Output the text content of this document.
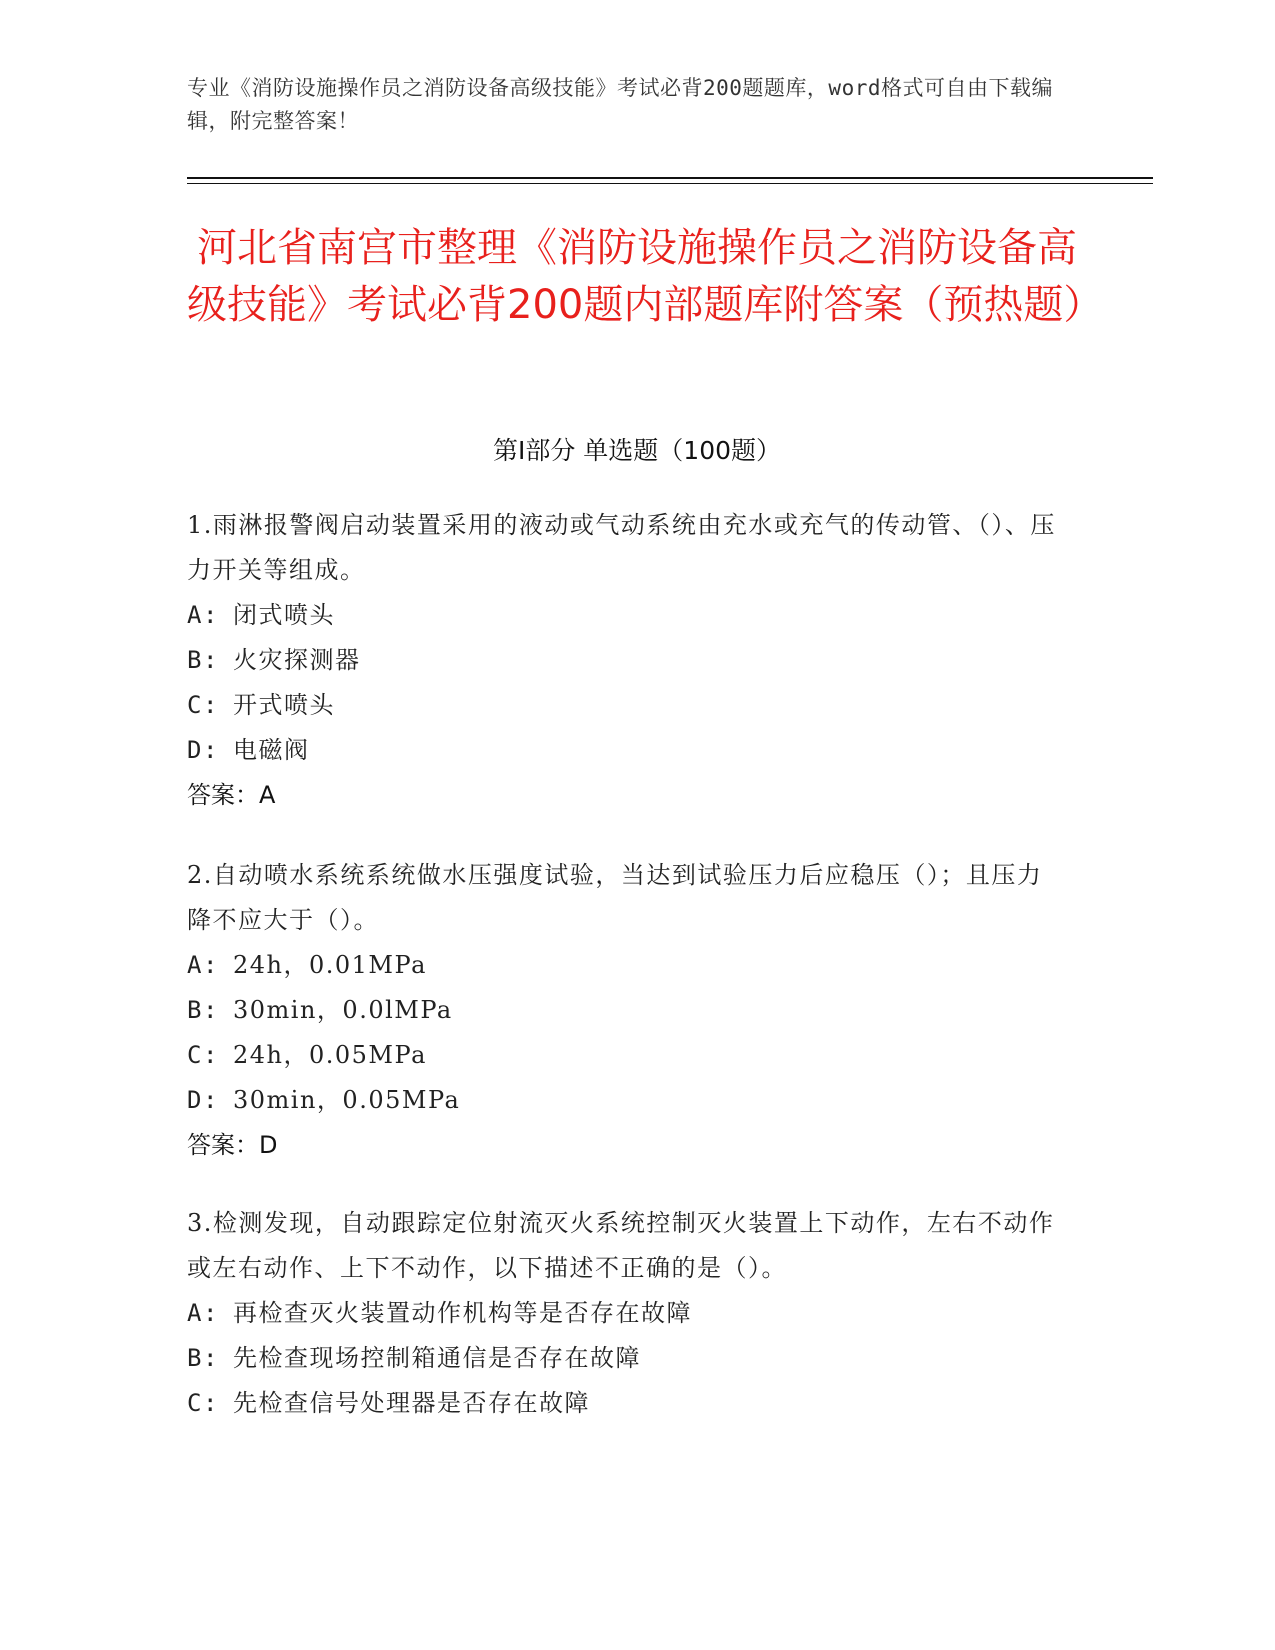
专业《消防设施操作员之消防设备高级技能》考试必背200题题库，word格式可自由下载编辑，附完整答案！
河北省南宫市整理《消防设施操作员之消防设备高级技能》考试必背200题内部题库附答案（预热题）
第I部分 单选题（100题）

1.雨淋报警阀启动装置采用的液动或气动系统由充水或充气的传动管、（）、压力开关等组成。

A: 闭式喷头

B: 火灾探测器

C: 开式喷头

D: 电磁阀

答案：A

2.自动喷水系统系统做水压强度试验，当达到试验压力后应稳压（）；且压力降不应大于（）。

A: 24h，0.01MPa

B: 30min，0.0lMPa

C: 24h，0.05MPa

D: 30min，0.05MPa

答案：D

3.检测发现，自动跟踪定位射流灭火系统控制灭火装置上下动作，左右不动作或左右动作、上下不动作，以下描述不正确的是（）。

A: 再检查灭火装置动作机构等是否存在故障

B: 先检查现场控制箱通信是否存在故障

C: 先检查信号处理器是否存在故障
